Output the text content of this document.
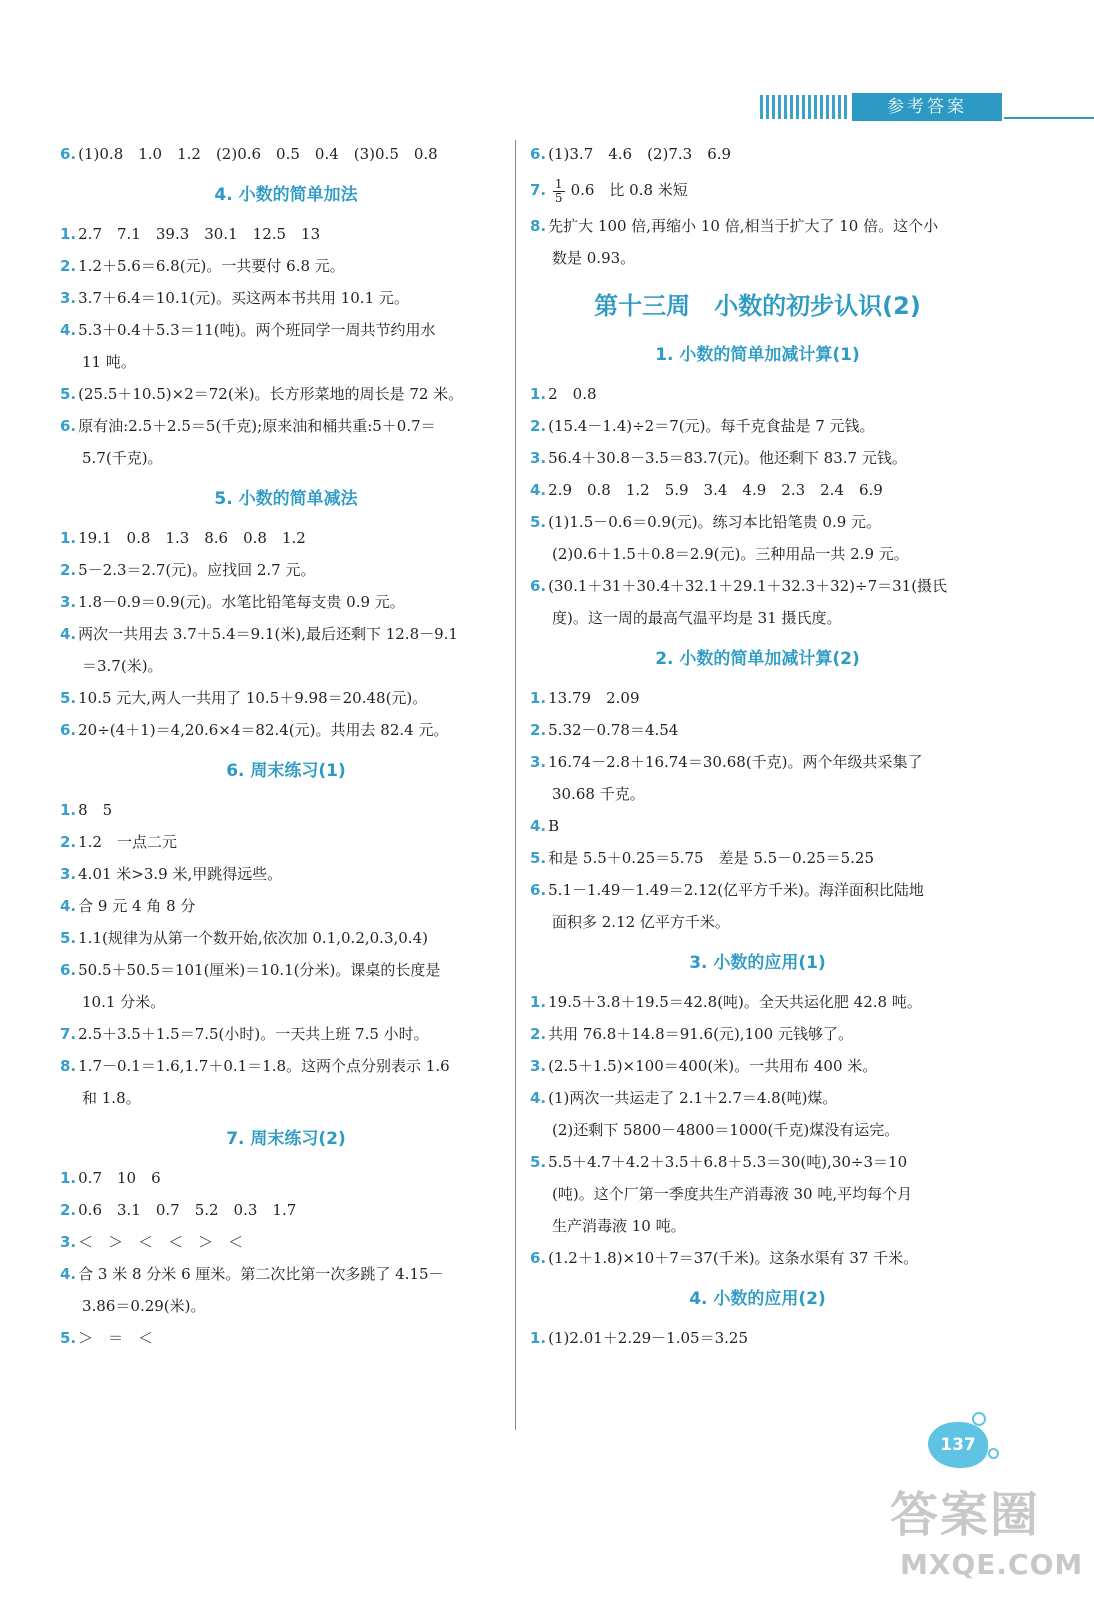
参考答案
6. (1)0.8　1.0　1.2　(2)0.6　0.5　0.4　(3)0.5　0.8
4. 小数的简单加法
1. 2.7　7.1　39.3　30.1　12.5　13
2. 1.2＋5.6＝6.8(元)。一共要付 6.8 元。
3. 3.7＋6.4＝10.1(元)。买这两本书共用 10.1 元。
4. 5.3＋0.4＋5.3＝11(吨)。两个班同学一周共节约用水
11 吨。
5. (25.5＋10.5)×2＝72(米)。长方形菜地的周长是 72 米。
6. 原有油:2.5＋2.5＝5(千克);原来油和桶共重:5＋0.7＝
5.7(千克)。
5. 小数的简单减法
1. 19.1　0.8　1.3　8.6　0.8　1.2
2. 5－2.3＝2.7(元)。应找回 2.7 元。
3. 1.8－0.9＝0.9(元)。水笔比铅笔每支贵 0.9 元。
4. 两次一共用去 3.7＋5.4＝9.1(米),最后还剩下 12.8－9.1
＝3.7(米)。
5. 10.5 元大,两人一共用了 10.5＋9.98＝20.48(元)。
6. 20÷(4＋1)＝4,20.6×4＝82.4(元)。共用去 82.4 元。
6. 周末练习(1)
1. 8　5
2. 1.2　一点二元
3. 4.01 米>3.9 米,甲跳得远些。
4. 合 9 元 4 角 8 分
5. 1.1(规律为从第一个数开始,依次加 0.1,0.2,0.3,0.4)
6. 50.5＋50.5＝101(厘米)＝10.1(分米)。课桌的长度是
10.1 分米。
7. 2.5＋3.5＋1.5＝7.5(小时)。一天共上班 7.5 小时。
8. 1.7－0.1＝1.6,1.7＋0.1＝1.8。这两个点分别表示 1.6
和 1.8。
7. 周末练习(2)
1. 0.7　10　6
2. 0.6　3.1　0.7　5.2　0.3　1.7
3. ＜　＞　＜　＜　＞　＜
4. 合 3 米 8 分米 6 厘米。第二次比第一次多跳了 4.15－
3.86＝0.29(米)。
5. ＞　＝　＜
6. (1)3.7　4.6　(2)7.3　6.9
7. $\frac{1}{5} 0.6$　比 0.8 米短
8. 先扩大 100 倍,再缩小 10 倍,相当于扩大了 10 倍。这个小
数是 0.93。
第十三周　小数的初步认识(2)
1. 小数的简单加减计算(1)
1. 2　0.8
2. (15.4－1.4)÷2＝7(元)。每千克食盐是 7 元钱。
3. 56.4＋30.8－3.5＝83.7(元)。他还剩下 83.7 元钱。
4. 2.9　0.8　1.2　5.9　3.4　4.9　2.3　2.4　6.9
5. (1)1.5－0.6＝0.9(元)。练习本比铅笔贵 0.9 元。
(2)0.6＋1.5＋0.8＝2.9(元)。三种用品一共 2.9 元。
6. (30.1＋31＋30.4＋32.1＋29.1＋32.3＋32)÷7＝31(摄氏
度)。这一周的最高气温平均是 31 摄氏度。
2. 小数的简单加减计算(2)
1. 13.79　2.09
2. 5.32－0.78＝4.54
3. 16.74－2.8＋16.74＝30.68(千克)。两个年级共采集了
30.68 千克。
4. B
5. 和是 5.5＋0.25＝5.75　差是 5.5－0.25＝5.25
6. 5.1－1.49－1.49＝2.12(亿平方千米)。海洋面积比陆地
面积多 2.12 亿平方千米。
3. 小数的应用(1)
1. 19.5＋3.8＋19.5＝42.8(吨)。全天共运化肥 42.8 吨。
2. 共用 76.8＋14.8＝91.6(元),100 元钱够了。
3. (2.5＋1.5)×100＝400(米)。一共用布 400 米。
4. (1)两次一共运走了 2.1＋2.7＝4.8(吨)煤。
(2)还剩下 5800－4800＝1000(千克)煤没有运完。
5. 5.5＋4.7＋4.2＋3.5＋6.8＋5.3＝30(吨),30÷3＝10
(吨)。这个厂第一季度共生产消毒液 30 吨,平均每个月
生产消毒液 10 吨。
6. (1.2＋1.8)×10＋7＝37(千米)。这条水渠有 37 千米。
4. 小数的应用(2)
1. (1)2.01＋2.29－1.05＝3.25
137
答案圈
MXQE.COM
